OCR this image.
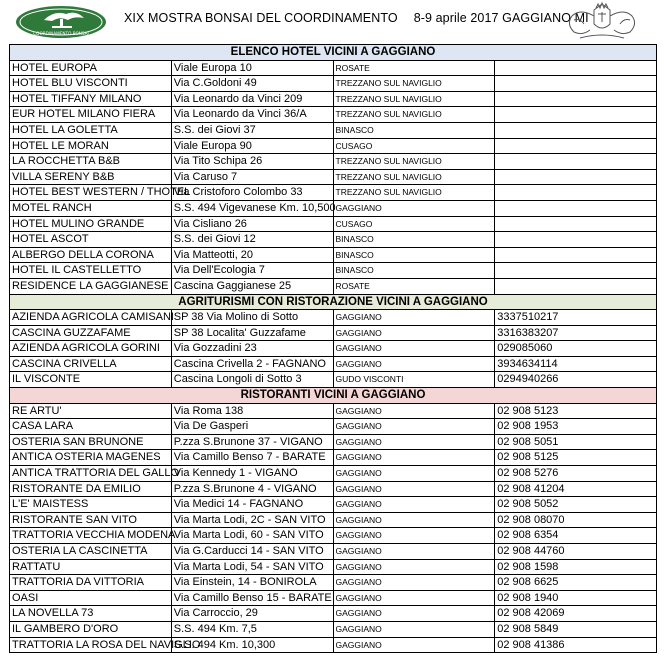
COORDINAMENTO BONSAI
XIX MOSTRA BONSAI DEL COORDINAMENTO 8-9 aprile 2017 GAGGIANO MI
ELENCO HOTEL VICINI A GAGGIANO			
HOTEL EUROPA	Viale Europa 10	ROSATE	
HOTEL BLU VISCONTI	Via C.Goldoni 49	TREZZANO SUL NAVIGLIO	
HOTEL TIFFANY MILANO	Via Leonardo da Vinci 209	TREZZANO SUL NAVIGLIO	
EUR HOTEL MILANO FIERA	Via Leonardo da Vinci 36/A	TREZZANO SUL NAVIGLIO	
HOTEL LA GOLETTA	S.S. dei Giovi 37	BINASCO	
HOTEL LE MORAN	Viale Europa 90	CUSAGO	
LA ROCCHETTA B&B	Via Tito Schipa 26	TREZZANO SUL NAVIGLIO	
VILLA SERENY B&B	Via Caruso 7	TREZZANO SUL NAVIGLIO	
HOTEL BEST WESTERN / THOTEL	Via Cristoforo Colombo 33	TREZZANO SUL NAVIGLIO	
MOTEL RANCH	S.S. 494 Vigevanese Km. 10,500	GAGGIANO	
HOTEL MULINO GRANDE	Via Cisliano 26	CUSAGO	
HOTEL ASCOT	S.S. dei Giovi 12	BINASCO	
ALBERGO DELLA CORONA	Via Matteotti, 20	BINASCO	
HOTEL IL CASTELLETTO	Via Dell'Ecologia 7	BINASCO	
RESIDENCE LA GAGGIANESE	Cascina Gaggianese 25	ROSATE	
AGRITURISMI CON RISTORAZIONE VICINI A GAGGIANO			
AZIENDA AGRICOLA CAMISANI	SP 38 Via Molino di Sotto	GAGGIANO	3337510217
CASCINA GUZZAFAME	SP 38 Localita' Guzzafame	GAGGIANO	3316383207
AZIENDA AGRICOLA GORINI	Via Gozzadini 23	GAGGIANO	029085060
CASCINA CRIVELLA	Cascina Crivella 2 - FAGNANO	GAGGIANO	3934634114
IL VISCONTE	Cascina Longoli di Sotto 3	GUDO VISCONTI	0294940266
RISTORANTI VICINI A GAGGIANO			
RE ARTU'	Via Roma 138	GAGGIANO	02 908 5123
CASA LARA	Via De Gasperi	GAGGIANO	02 908 1953
OSTERIA SAN BRUNONE	P.zza S.Brunone 37 - VIGANO	GAGGIANO	02 908 5051
ANTICA OSTERIA MAGENES	Via Camillo Benso 7 - BARATE	GAGGIANO	02 908 5125
ANTICA TRATTORIA DEL GALLO	Via Kennedy 1 - VIGANO	GAGGIANO	02 908 5276
RISTORANTE DA EMILIO	P.zza S.Brunone 4 - VIGANO	GAGGIANO	02 908 41204
L'E' MAISTESS	Via Medici 14 - FAGNANO	GAGGIANO	02 908 5052
RISTORANTE SAN VITO	Via Marta Lodi, 2C - SAN VITO	GAGGIANO	02 908 08070
TRATTORIA VECCHIA MODENA	Via Marta Lodi, 60 - SAN VITO	GAGGIANO	02 908 6354
OSTERIA LA CASCINETTA	Via G.Carducci 14 - SAN VITO	GAGGIANO	02 908 44760
RATTATU	Via Marta Lodi, 54 - SAN VITO	GAGGIANO	02 908 1598
TRATTORIA DA VITTORIA	Via Einstein, 14 - BONIROLA	GAGGIANO	02 908 6625
OASI	Via Camillo Benso 15 - BARATE	GAGGIANO	02 908 1940
LA NOVELLA 73	Via Carroccio, 29	GAGGIANO	02 908 42069
IL GAMBERO D'ORO	S.S. 494 Km. 7,5	GAGGIANO	02 908 5849
TRATTORIA LA ROSA DEL NAVIGLIO	S.S. 494 Km. 10,300	GAGGIANO	02 908 41386
